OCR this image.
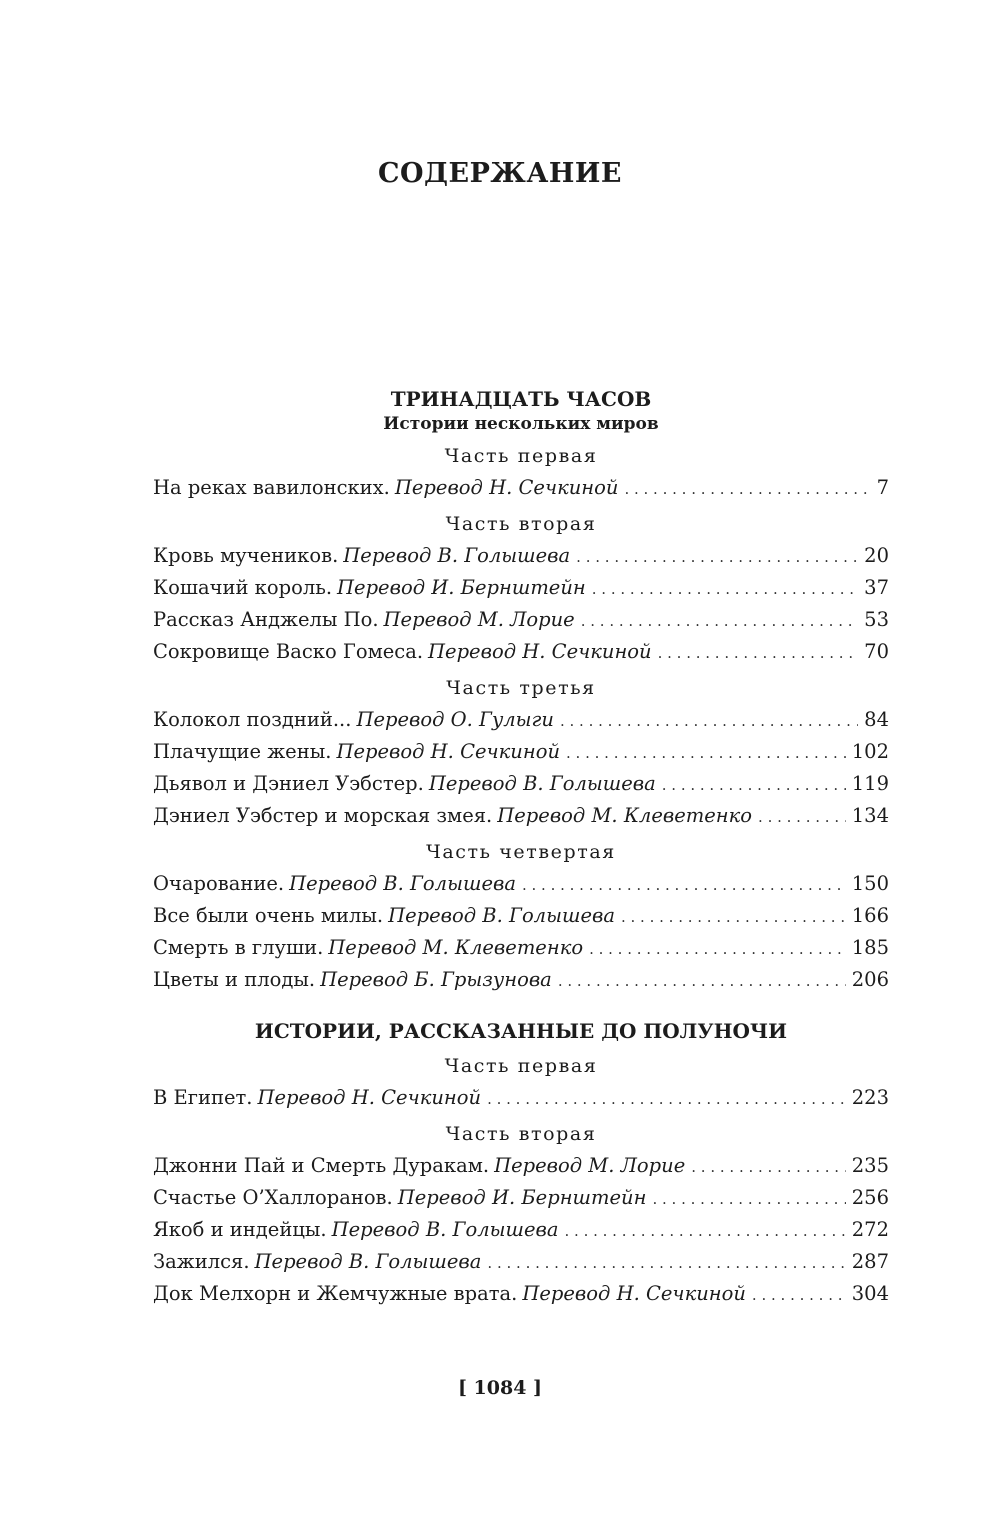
СОДЕРЖАНИЕ
ТРИНАДЦАТЬ ЧАСОВ
Истории нескольких миров
Часть первая
На реках вавилонских. Перевод Н. Сечкиной . . .	7
Часть вторая
Кровь мучеников. Перевод В. Голышева . . .	20
Кошачий король. Перевод И. Бернштейн . . .	37
Рассказ Анджелы По. Перевод М. Лорие . . .	53
Сокровище Васко Гомеса. Перевод Н. Сечкиной . . .	70
Часть третья
Колокол поздний... Перевод О. Гулыги . . .	84
Плачущие жены. Перевод Н. Сечкиной . . .	102
Дьявол и Дэниел Уэбстер. Перевод В. Голышева . . .	119
Дэниел Уэбстер и морская змея. Перевод М. Клеветенко . . .	134
Часть четвертая
Очарование. Перевод В. Голышева . . .	150
Все были очень милы. Перевод В. Голышева . . .	166
Смерть в глуши. Перевод М. Клеветенко . . .	185
Цветы и плоды. Перевод Б. Грызунова . . .	206
ИСТОРИИ, РАССКАЗАННЫЕ ДО ПОЛУНОЧИ
Часть первая
В Египет. Перевод Н. Сечкиной . . .	223
Часть вторая
Джонни Пай и Смерть Дуракам. Перевод М. Лорие . . .	235
Счастье О’Халлоранов. Перевод И. Бернштейн . . .	256
Якоб и индейцы. Перевод В. Голышева . . .	272
Зажился. Перевод В. Голышева . . .	287
Док Мелхорн и Жемчужные врата. Перевод Н. Сечкиной . . .	304
[ 1084 ]
